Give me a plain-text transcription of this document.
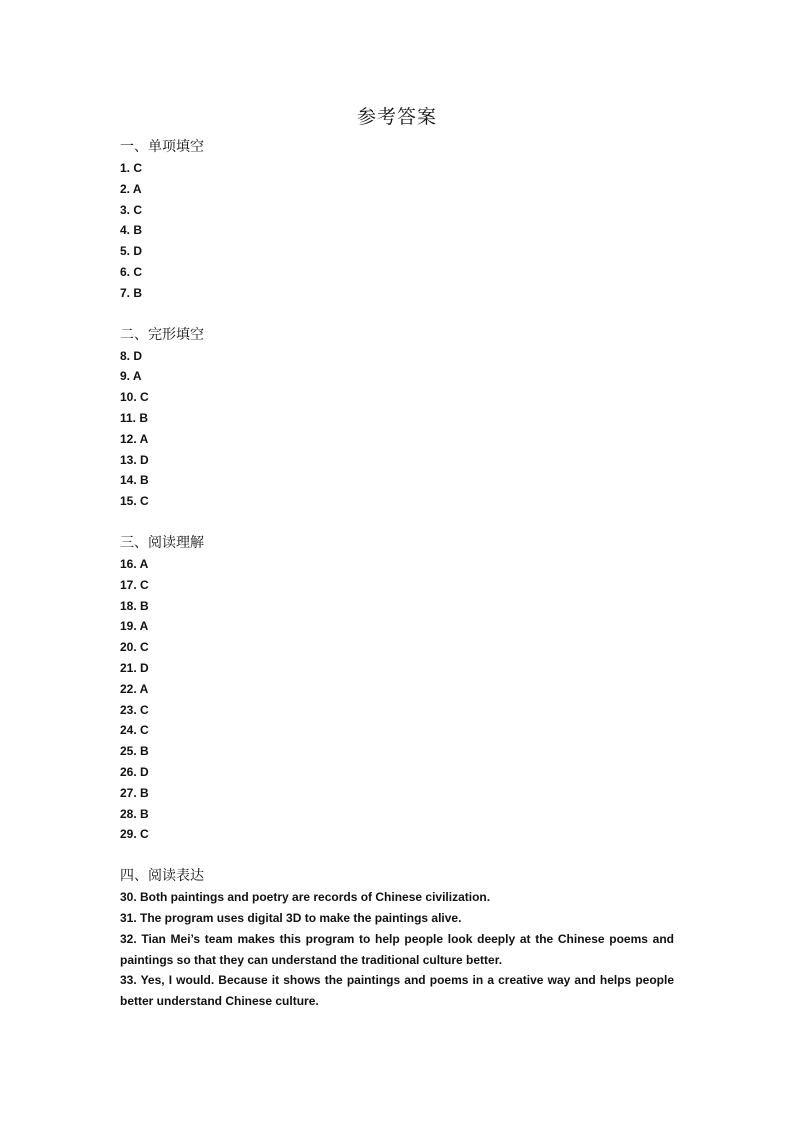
参考答案
一、单项填空
1. C
2. A
3. C
4. B
5. D
6. C
7. B
二、完形填空
8. D
9. A
10. C
11. B
12. A
13. D
14. B
15. C
三、阅读理解
16. A
17. C
18. B
19. A
20. C
21. D
22. A
23. C
24. C
25. B
26. D
27. B
28. B
29. C
四、阅读表达
30. Both paintings and poetry are records of Chinese civilization.
31. The program uses digital 3D to make the paintings alive.
32. Tian Mei’s team makes this program to help people look deeply at the Chinese poems and paintings so that they can understand the traditional culture better.
33. Yes, I would. Because it shows the paintings and poems in a creative way and helps people better understand Chinese culture.
